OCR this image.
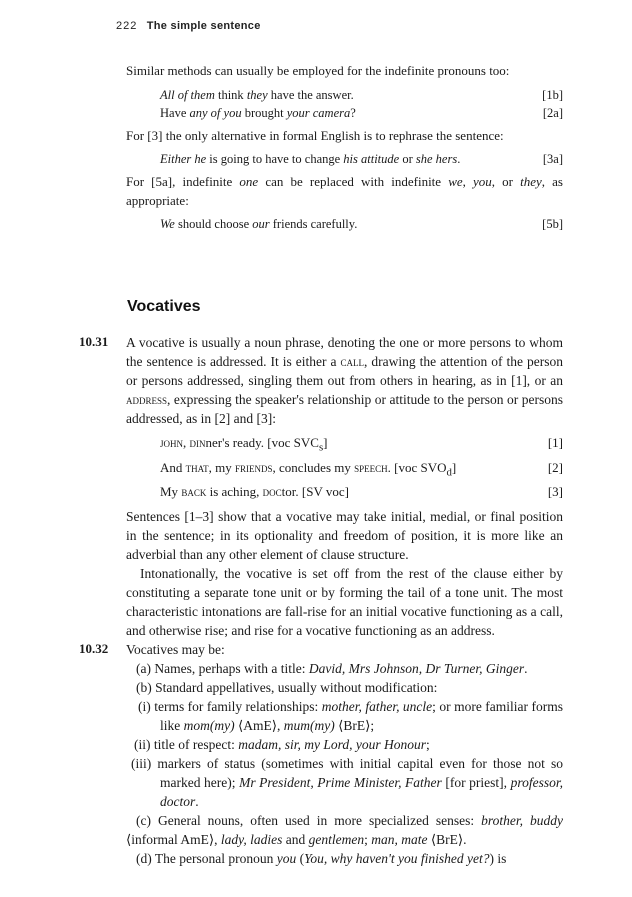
222 The simple sentence

Similar methods can usually be employed for the indefinite pronouns too:

All of them think they have the answer.	[1b]
Have any of you brought your camera?	[2a]

For [3] the only alternative in formal English is to rephrase the sentence:

Either he is going to have to change his attitude or she hers.	[3a]

For [5a], indefinite one can be replaced with indefinite we, you, or they, as appropriate:

We should choose our friends carefully.	[5b]
Vocatives
10.31 A vocative is usually a noun phrase, denoting the one or more persons to whom the sentence is addressed. It is either a call, drawing the attention of the person or persons addressed, singling them out from others in hearing, as in [1], or an address, expressing the speaker's relationship or attitude to the person or persons addressed, as in [2] and [3]:

john, dinner's ready. [voc $SVC_s$]	[1]
And that, my friends, concludes my speech. [voc $SVO_d$]	[2]
My back is aching, doctor. [SV voc]	[3]

Sentences [1–3] show that a vocative may take initial, medial, or final position in the sentence; in its optionality and freedom of position, it is more like an adverbial than any other element of clause structure.

Intonationally, the vocative is set off from the rest of the clause either by constituting a separate tone unit or by forming the tail of a tone unit. The most characteristic intonations are fall-rise for an initial vocative functioning as a call, and otherwise rise; and rise for a vocative functioning as an address.

10.32 Vocatives may be:

(a) Names, perhaps with a title: David, Mrs Johnson, Dr Turner, Ginger.

(b) Standard appellatives, usually without modification:

(i) terms for family relationships: mother, father, uncle; or more familiar forms like mom(my) ⟨AmE⟩, mum(my) ⟨BrE⟩;

(ii) title of respect: madam, sir, my Lord, your Honour;

(iii) markers of status (sometimes with initial capital even for those not so marked here); Mr President, Prime Minister, Father [for priest], professor, doctor.

(c) General nouns, often used in more specialized senses: brother, buddy ⟨informal AmE⟩, lady, ladies and gentlemen; man, mate ⟨BrE⟩.

(d) The personal pronoun you (You, why haven't you finished yet?) is
